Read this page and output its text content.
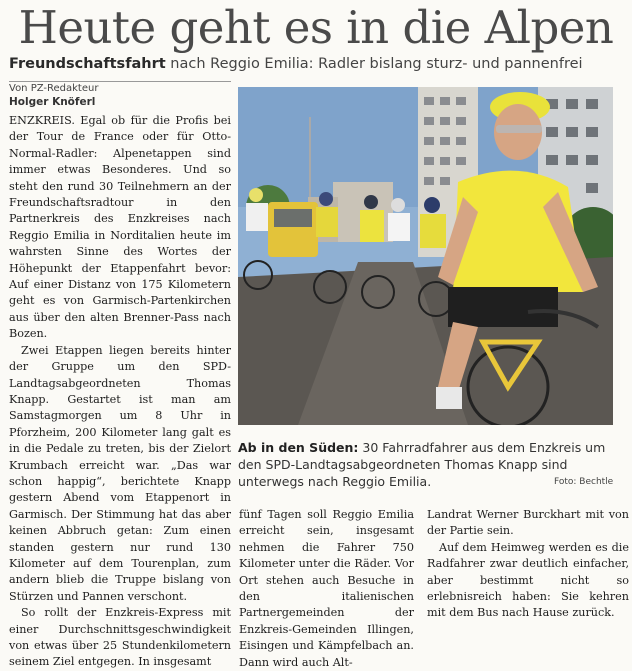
Heute geht es in die Alpen
Freundschaftsfahrt nach Reggio Emilia: Radler bislang sturz- und pannenfrei
Von PZ-Redakteur
Holger Knöferl

ENZKREIS. Egal ob für die Profis bei der Tour de France oder für Otto-Normal-Radler: Alpenetappen sind immer etwas Besonderes. Und so steht den rund 30 Teilnehmern an der Freundschaftsradtour in den Partnerkreis des Enzkreises nach Reggio Emilia in Norditalien heute im wahrsten Sinne des Wortes der Höhepunkt der Etappenfahrt bevor: Auf einer Distanz von 175 Kilometern geht es von Garmisch-Partenkirchen aus über den alten Brenner-Pass nach Bozen.

Zwei Etappen liegen bereits hinter der Gruppe um den SPD-Landtagsabgeordneten Thomas Knapp. Gestartet ist man am Samstagmorgen um 8 Uhr in Pforzheim, 200 Kilometer lang galt es in die Pedale zu treten, bis der Zielort Krumbach erreicht war. „Das war schon happig“, berichtete Knapp gestern Abend vom Etappenort in Garmisch. Der Stimmung hat das aber keinen Abbruch getan: Zum einen standen gestern nur rund 130 Kilometer auf dem Tourenplan, zum andern blieb die Truppe bislang von Stürzen und Pannen verschont.

So rollt der Enzkreis-Express mit einer Durchschnittsgeschwindigkeit von etwas über 25 Stundenkilometern seinem Ziel entgegen. In insgesamt

Ab in den Süden: 30 Fahrradfahrer aus dem Enzkreis um den SPD-Landtagsabgeordneten Thomas Knapp sind unterwegs nach Reggio Emilia.	Foto: Bechtle

fünf Tagen soll Reggio Emilia erreicht sein, insgesamt nehmen die Fahrer 750 Kilometer unter die Räder. Vor Ort stehen auch Besuche in den italienischen Partnergemeinden der Enzkreis-Gemeinden Illingen, Eisingen und Kämpfelbach an. Dann wird auch Alt-

Landrat Werner Burckhart mit von der Partie sein.

Auf dem Heimweg werden es die Radfahrer zwar deutlich einfacher, aber bestimmt nicht so erlebnisreich haben: Sie kehren mit dem Bus nach Hause zurück.
